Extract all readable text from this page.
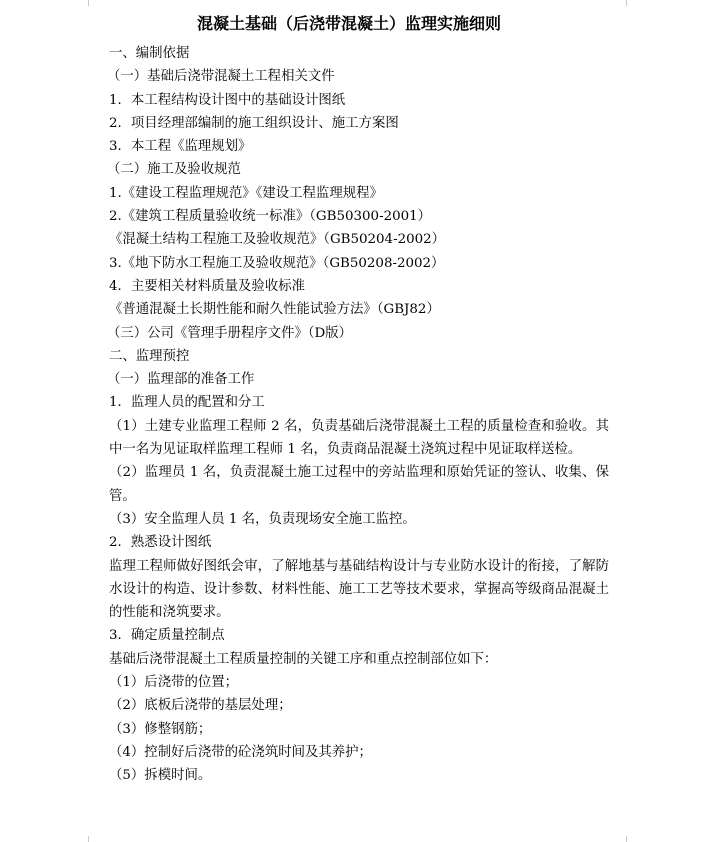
混凝土基础（后浇带混凝土）监理实施细则
一、编制依据
（一）基础后浇带混凝土工程相关文件
1．本工程结构设计图中的基础设计图纸
2．项目经理部编制的施工组织设计、施工方案图
3．本工程《监理规划》
（二）施工及验收规范
1.《建设工程监理规范》《建设工程监理规程》
2.《建筑工程质量验收统一标准》（GB50300-2001）
《混凝土结构工程施工及验收规范》（GB50204-2002）
3.《地下防水工程施工及验收规范》（GB50208-2002）
4．主要相关材料质量及验收标准
《普通混凝土长期性能和耐久性能试验方法》（GBJ82）
（三）公司《管理手册程序文件》（D版）
二、监理预控
（一）监理部的准备工作
1．监理人员的配置和分工
（1）土建专业监理工程师 2 名，负责基础后浇带混凝土工程的质量检查和验收。其中一名为见证取样监理工程师 1 名，负责商品混凝土浇筑过程中见证取样送检。
（2）监理员 1 名，负责混凝土施工过程中的旁站监理和原始凭证的签认、收集、保管。
（3）安全监理人员 1 名，负责现场安全施工监控。
2．熟悉设计图纸
监理工程师做好图纸会审，了解地基与基础结构设计与专业防水设计的衔接，了解防水设计的构造、设计参数、材料性能、施工工艺等技术要求，掌握高等级商品混凝土的性能和浇筑要求。
3．确定质量控制点
基础后浇带混凝土工程质量控制的关键工序和重点控制部位如下：
（1）后浇带的位置；
（2）底板后浇带的基层处理；
（3）修整钢筋；
（4）控制好后浇带的砼浇筑时间及其养护；
（5）拆模时间。
